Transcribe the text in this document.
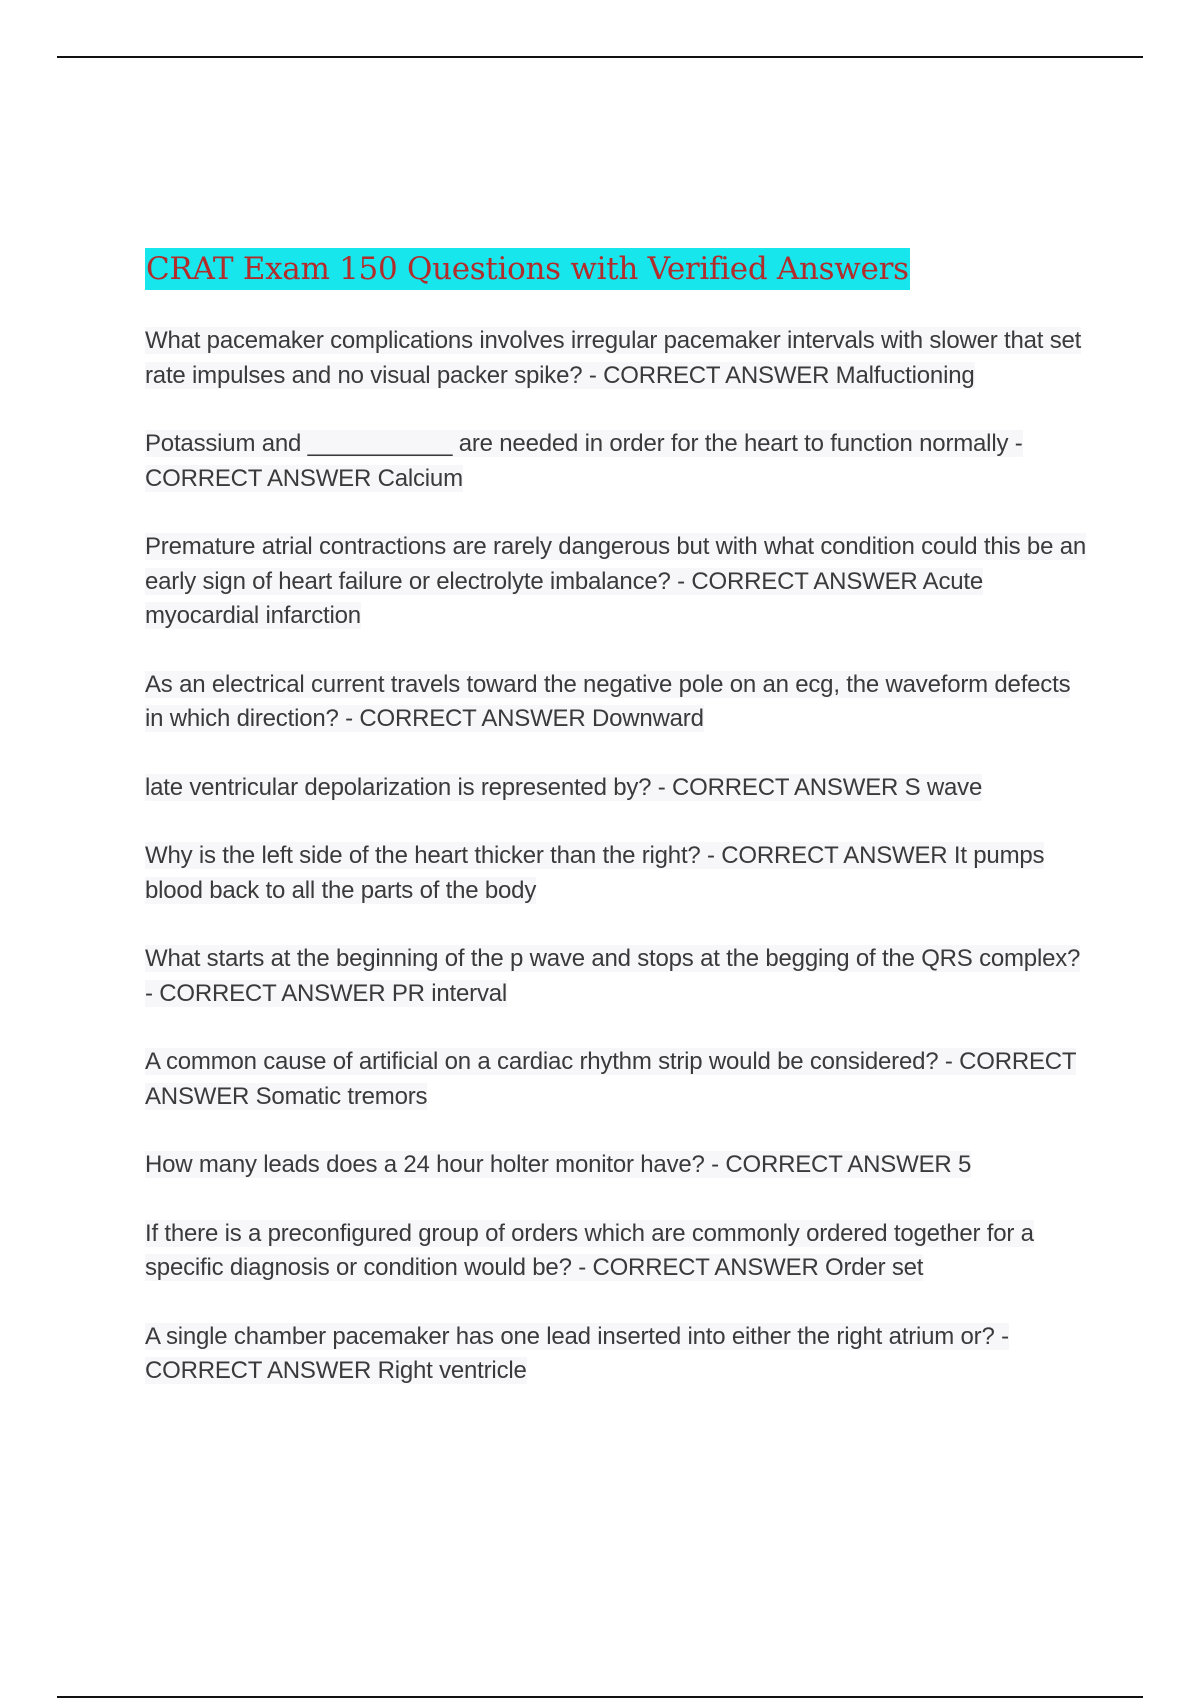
CRAT Exam 150 Questions with Verified Answers
What pacemaker complications involves irregular pacemaker intervals with slower that set rate impulses and no visual packer spike? - CORRECT ANSWER Malfuctioning
Potassium and ___________ are needed in order for the heart to function normally - CORRECT ANSWER Calcium
Premature atrial contractions are rarely dangerous but with what condition could this be an early sign of heart failure or electrolyte imbalance? - CORRECT ANSWER Acute myocardial infarction
As an electrical current travels toward the negative pole on an ecg, the waveform defects in which direction? - CORRECT ANSWER Downward
late ventricular depolarization is represented by? - CORRECT ANSWER S wave
Why is the left side of the heart thicker than the right? - CORRECT ANSWER It pumps blood back to all the parts of the body
What starts at the beginning of the p wave and stops at the begging of the QRS complex? - CORRECT ANSWER PR interval
A common cause of artificial on a cardiac rhythm strip would be considered? - CORRECT ANSWER Somatic tremors
How many leads does a 24 hour holter monitor have? - CORRECT ANSWER 5
If there is a preconfigured group of orders which are commonly ordered together for a specific diagnosis or condition would be? - CORRECT ANSWER Order set
A single chamber pacemaker has one lead inserted into either the right atrium or? - CORRECT ANSWER Right ventricle
